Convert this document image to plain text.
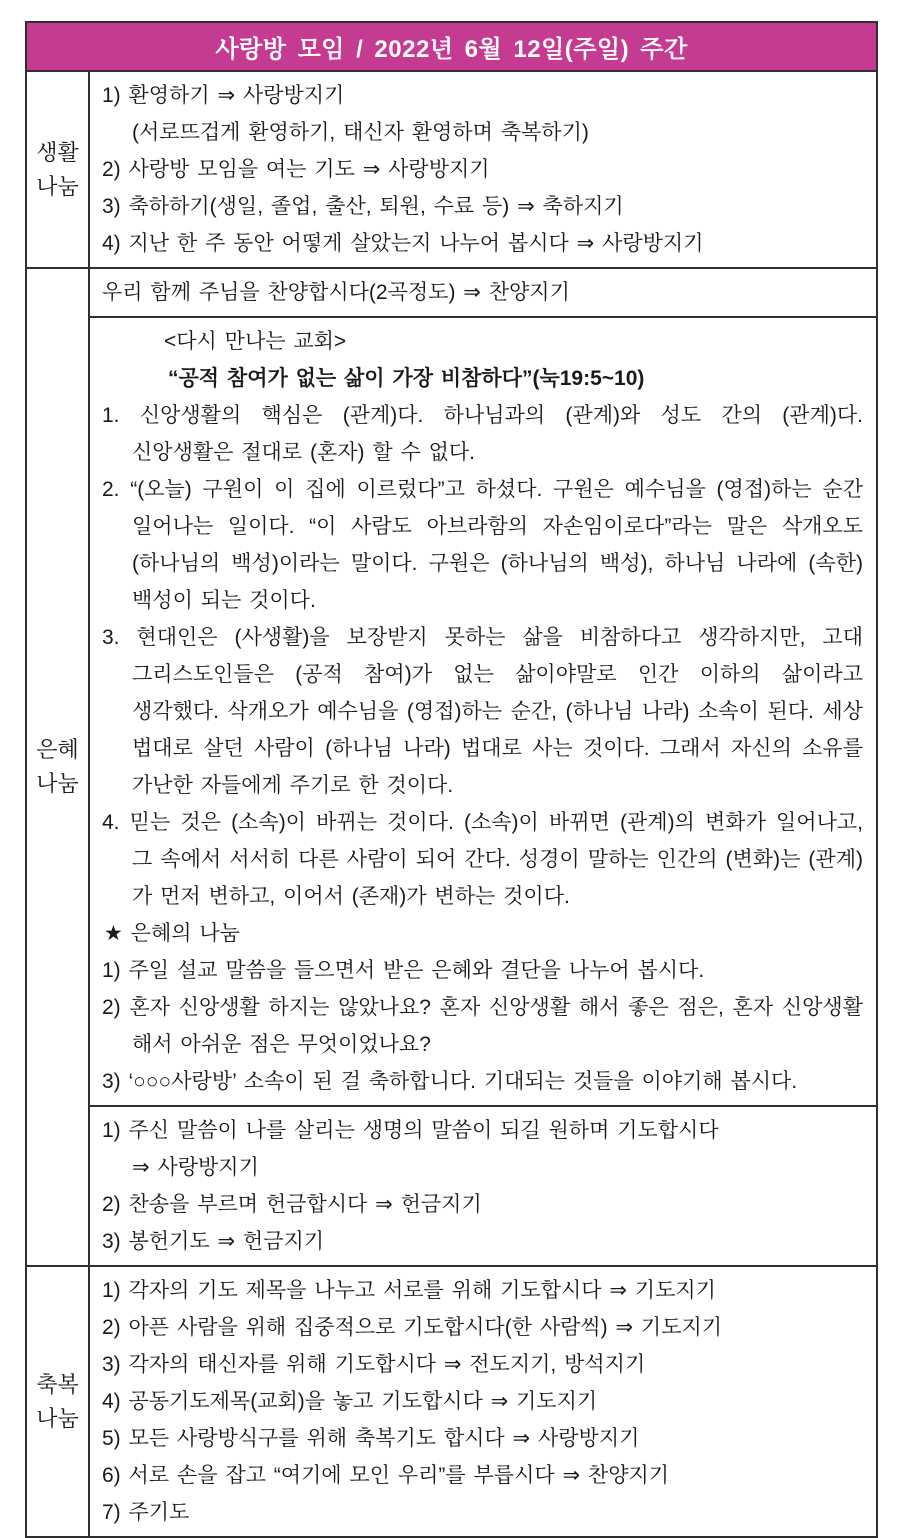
사랑방 모임 / 2022년 6월 12일(주일) 주간
생활
나눔
1) 환영하기 ⇒ 사랑방지기
(서로뜨겁게 환영하기, 태신자 환영하며 축복하기)
2) 사랑방 모임을 여는 기도 ⇒ 사랑방지기
3) 축하하기(생일, 졸업, 출산, 퇴원, 수료 등) ⇒ 축하지기
4) 지난 한 주 동안 어떻게 살았는지 나누어 봅시다 ⇒ 사랑방지기
은혜
나눔
우리 함께 주님을 찬양합시다(2곡정도) ⇒ 찬양지기
<다시 만나는 교회>
“공적 참여가 없는 삶이 가장 비참하다”(눅19:5~10)
1. 신앙생활의 핵심은 (관계)다. 하나님과의 (관계)와 성도 간의 (관계)다. 신앙생활은 절대로 (혼자) 할 수 없다.
2. “(오늘) 구원이 이 집에 이르렀다”고 하셨다. 구원은 예수님을 (영접)하는 순간 일어나는 일이다. “이 사람도 아브라함의 자손임이로다”라는 말은 삭개오도 (하나님의 백성)이라는 말이다. 구원은 (하나님의 백성), 하나님 나라에 (속한) 백성이 되는 것이다.
3. 현대인은 (사생활)을 보장받지 못하는 삶을 비참하다고 생각하지만, 고대 그리스도인들은 (공적 참여)가 없는 삶이야말로 인간 이하의 삶이라고 생각했다. 삭개오가 예수님을 (영접)하는 순간, (하나님 나라) 소속이 된다. 세상 법대로 살던 사람이 (하나님 나라) 법대로 사는 것이다. 그래서 자신의 소유를 가난한 자들에게 주기로 한 것이다.
4. 믿는 것은 (소속)이 바뀌는 것이다. (소속)이 바뀌면 (관계)의 변화가 일어나고, 그 속에서 서서히 다른 사람이 되어 간다. 성경이 말하는 인간의 (변화)는 (관계)가 먼저 변하고, 이어서 (존재)가 변하는 것이다.
★ 은혜의 나눔
1) 주일 설교 말씀을 들으면서 받은 은혜와 결단을 나누어 봅시다.
2) 혼자 신앙생활 하지는 않았나요? 혼자 신앙생활 해서 좋은 점은, 혼자 신앙생활 해서 아쉬운 점은 무엇이었나요?
3) ‘○○○사랑방’ 소속이 된 걸 축하합니다. 기대되는 것들을 이야기해 봅시다.
1) 주신 말씀이 나를 살리는 생명의 말씀이 되길 원하며 기도합시다
⇒ 사랑방지기
2) 찬송을 부르며 헌금합시다 ⇒ 헌금지기
3) 봉헌기도 ⇒ 헌금지기
축복
나눔
1) 각자의 기도 제목을 나누고 서로를 위해 기도합시다 ⇒ 기도지기
2) 아픈 사람을 위해 집중적으로 기도합시다(한 사람씩) ⇒ 기도지기
3) 각자의 태신자를 위해 기도합시다 ⇒ 전도지기, 방석지기
4) 공동기도제목(교회)을 놓고 기도합시다 ⇒ 기도지기
5) 모든 사랑방식구를 위해 축복기도 합시다 ⇒ 사랑방지기
6) 서로 손을 잡고 “여기에 모인 우리”를 부릅시다 ⇒ 찬양지기
7) 주기도
